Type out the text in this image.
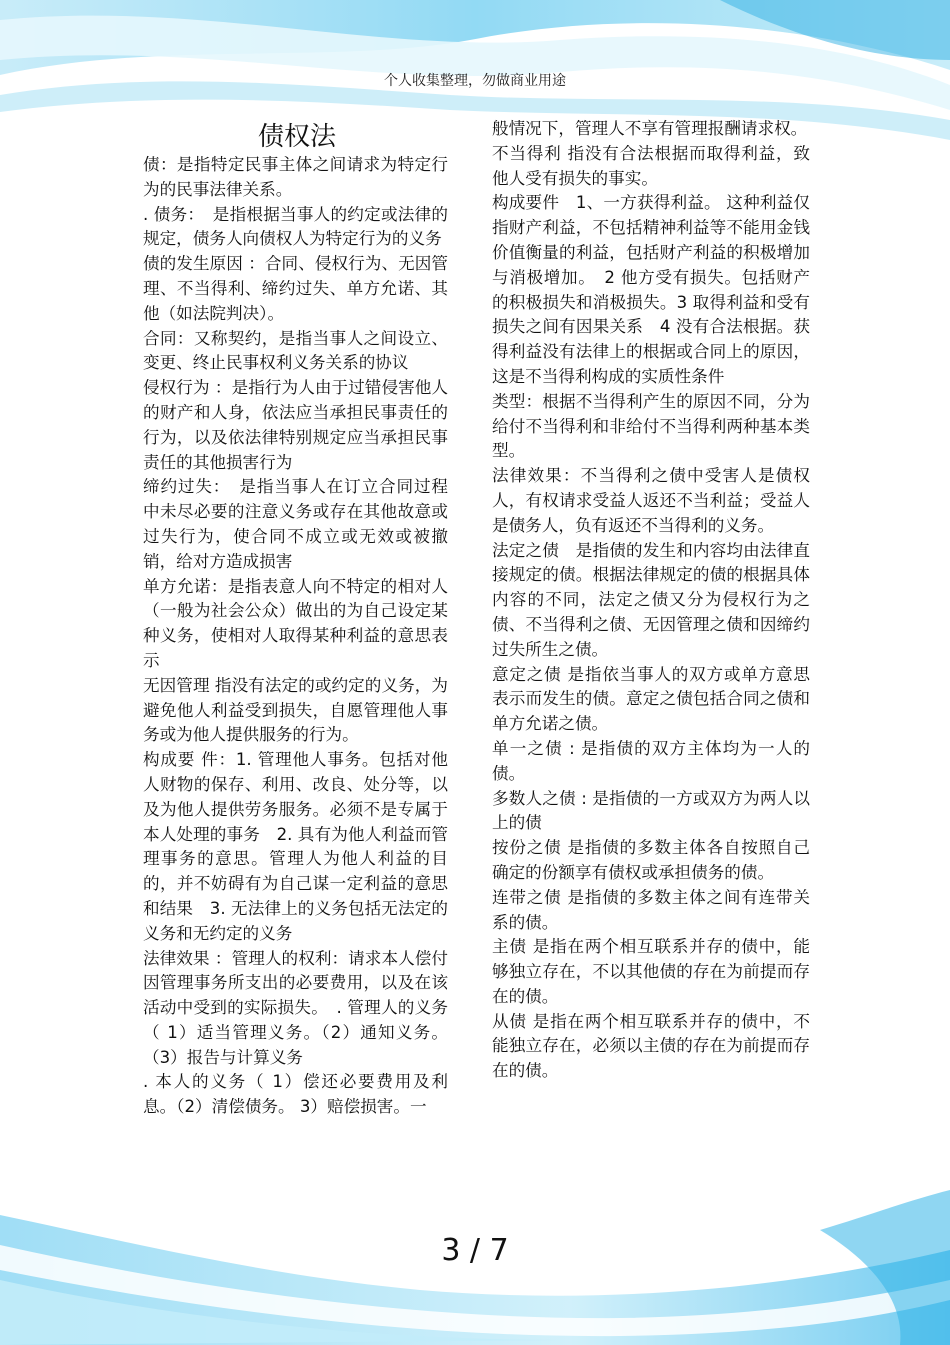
个人收集整理，勿做商业用途
债权法

债：是指特定民事主体之间请求为特定行为的民事法律关系。

. 债务：　是指根据当事人的约定或法律的规定，债务人向债权人为特定行为的义务

债的发生原因 ：合同、侵权行为、无因管理、不当得利、缔约过失、单方允诺、其他（如法院判决）。

合同：又称契约，是指当事人之间设立、变更、终止民事权利义务关系的协议

侵权行为 ：是指行为人由于过错侵害他人的财产和人身，依法应当承担民事责任的行为，以及依法律特别规定应当承担民事责任的其他损害行为

缔约过失：　是指当事人在订立合同过程中未尽必要的注意义务或存在其他故意或过失行为，使合同不成立或无效或被撤销，给对方造成损害

单方允诺：是指表意人向不特定的相对人（一般为社会公众）做出的为自己设定某种义务，使相对人取得某种利益的意思表示

无因管理 指没有法定的或约定的义务，为避免他人利益受到损失，自愿管理他人事务或为他人提供服务的行为。

构成要 件：1. 管理他人事务。包括对他人财物的保存、利用、改良、处分等，以及为他人提供劳务服务。必须不是专属于本人处理的事务　2. 具有为他人利益而管理事务的意思。管理人为他人利益的目的，并不妨碍有为自己谋一定利益的意思和结果　3. 无法律上的义务包括无法定的义务和无约定的义务

法律效果 ：管理人的权利：请求本人偿付因管理事务所支出的必要费用，以及在该活动中受到的实际损失。　. 管理人的义务（ 1）适当管理义务。（2）通知义务。（3）报告与计算义务

. 本人的义务（ 1）偿还必要费用及利息。（2）清偿债务。 3）赔偿损害。一

般情况下，管理人不享有管理报酬请求权。

不当得利 指没有合法根据而取得利益，致他人受有损失的事实。

构成要件　1、一方获得利益。 这种利益仅指财产利益，不包括精神利益等不能用金钱价值衡量的利益，包括财产利益的积极增加与消极增加。　2 他方受有损失。包括财产的积极损失和消极损失。3 取得利益和受有损失之间有因果关系　4 没有合法根据。获得利益没有法律上的根据或合同上的原因，这是不当得利构成的实质性条件

类型：根据不当得利产生的原因不同，分为给付不当得利和非给付不当得利两种基本类型。

法律效果：不当得利之债中受害人是债权人，有权请求受益人返还不当利益；受益人是债务人，负有返还不当得利的义务。

法定之债　是指债的发生和内容均由法律直接规定的债。根据法律规定的债的根据具体内容的不同，法定之债又分为侵权行为之债、不当得利之债、无因管理之债和因缔约过失所生之债。

意定之债 是指依当事人的双方或单方意思表示而发生的债。意定之债包括合同之债和单方允诺之债。

单一之债 : 是指债的双方主体均为一人的债。

多数人之债 : 是指债的一方或双方为两人以上的债

按份之债 是指债的多数主体各自按照自己确定的份额享有债权或承担债务的债。

连带之债 是指债的多数主体之间有连带关系的债。

主债 是指在两个相互联系并存的债中，能够独立存在，不以其他债的存在为前提而存在的债。

从债 是指在两个相互联系并存的债中，不能独立存在，必须以主债的存在为前提而存在的债。

3 / 7
